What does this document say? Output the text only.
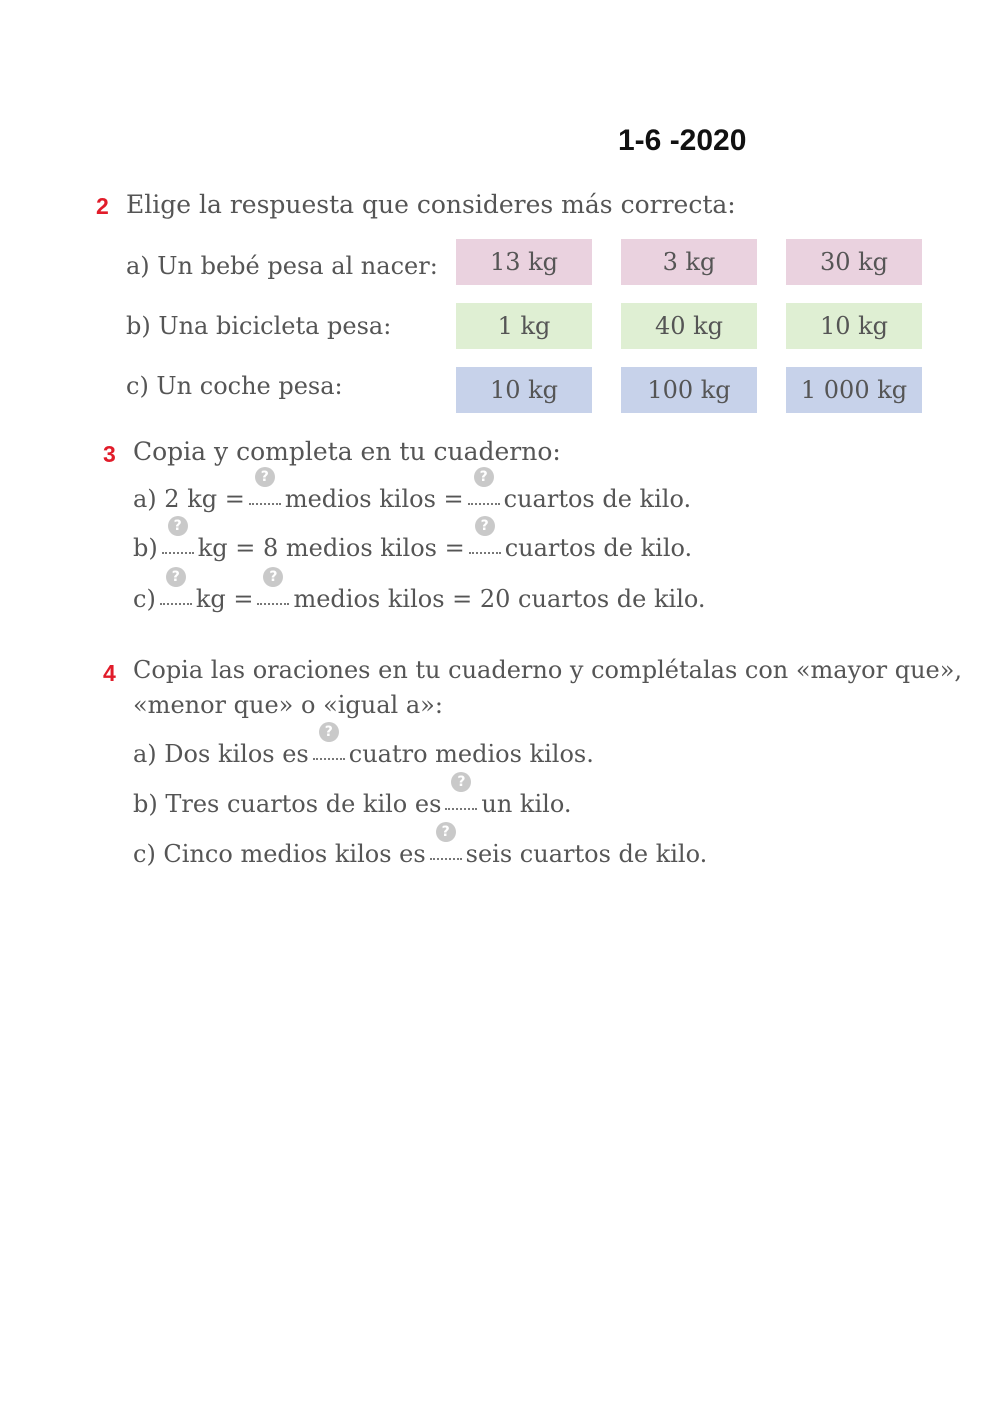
1-6 -2020
2 Elige la respuesta que consideres más correcta:
a) Un bebé pesa al nacer:	13 kg	3 kg	30 kg
b) Una bicicleta pesa:	1 kg	40 kg	10 kg
c) Un coche pesa:	10 kg	100 kg	1 000 kg
3 Copia y completa en tu cuaderno:
a) 2 kg =
?
medios kilos =
?
cuartos de kilo.
b)
?
kg = 8 medios kilos =
?
cuartos de kilo.
c)
?
kg =
?
medios kilos = 20 cuartos de kilo.
4 Copia las oraciones en tu cuaderno y complétalas con «mayor que»,
«menor que» o «igual a»:
a) Dos kilos es
?
cuatro medios kilos.
b) Tres cuartos de kilo es
?
un kilo.
c) Cinco medios kilos es
?
seis cuartos de kilo.
